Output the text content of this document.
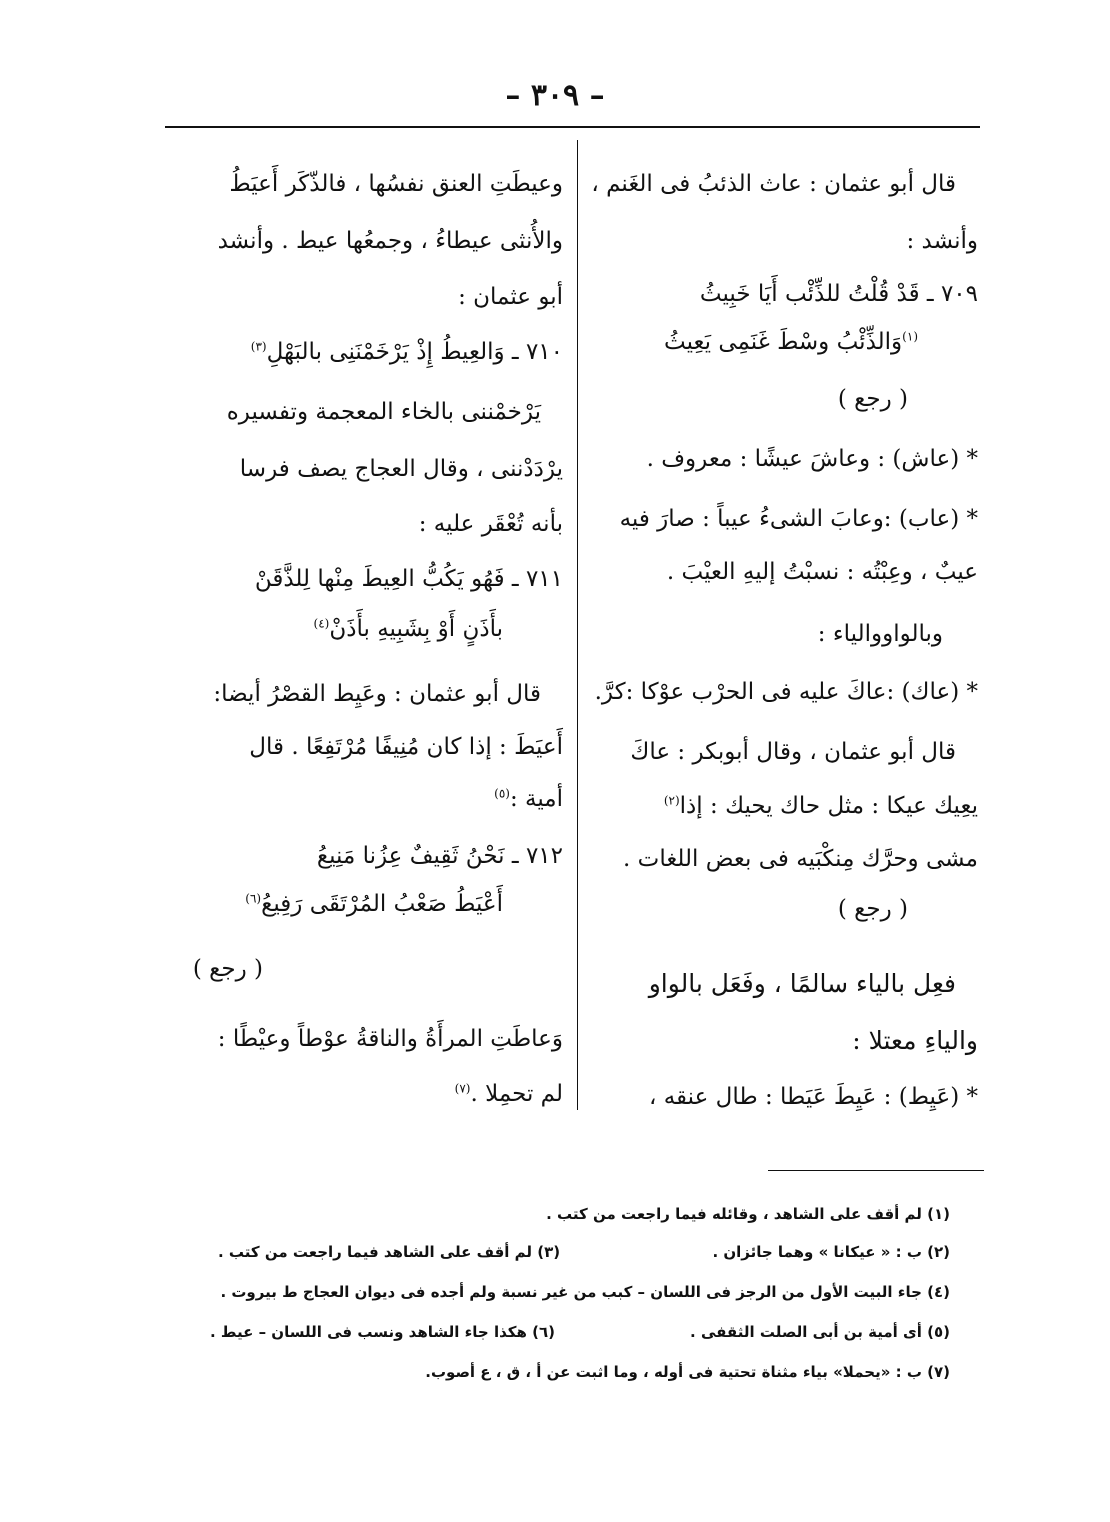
– ٣٠٩ –
قال أبو عثمان : عاث الذئبُ فى الغَنم ،
وأنشد :
٧٠٩ ـ قَدْ قُلْتُ للذِّئْب أَيَا خَبِيثُ
$^{(١)}$وَالذِّئْبُ وسْطَ غَنَمِى يَعِيثُ
( رجع )
* (عاش) : وعاشَ عيشًا : معروف .
* (عاب) :وعابَ الشىءُ عيباً : صارَ فيه
عيبٌ ، وعِبْتُه : نسبْتُ إليهِ العيْبَ .
وبالواووالياء :
* (عاك) :عاكَ عليه فى الحرْب عوْكا :كرَّ.
قال أبو عثمان ، وقال أبوبكر : عاكَ
يعِيك عيكا : مثل حاك يحيك : إذا$^{(٢)}$
مشى وحرَّك مِنكْبَيه فى بعض اللغات .
( رجع )
فعِل بالياء سالمًا ، وفَعَل بالواو
والياءِ معتلا :
* (عَيِط) : عَيِطَ عَيَطا : طال عنقه ،
وعيطَتِ العنق نفسُها ، فالذّكَر أَعيَطُ
والأُنثى عيطاءُ ، وجمعُها عيط . وأنشد
أبو عثمان :
٧١٠ ـ وَالعِيطُ إِذْ يَرْخَمْنَنِى بالبَهْلِ$^{(٣)}$
يَرْخمْننى بالخاء المعجمة وتفسيره
يرْدَدْننى ، وقال العجاج يصف فرسا
بأنه تُعْقَر عليه :
٧١١ ـ فَهُو يَكُبُّ العِيطَ مِنْها لِلذَّقَنْ
بأَذَنٍ أَوْ بِشَبِيهِ بأَذَنْ$^{(٤)}$
قال أبو عثمان : وعَيِط القصْرُ أيضا:
أَعيَطَ : إذا كان مُنِيفًا مُرْتَفِعًا . قال
أمية :$^{(٥)}$
٧١٢ ـ نَحْنُ ثَقِيفٌ عِزُنا مَنِيعُ
أَعْيَطُ صَعْبُ المُرْتَقَى رَفِيعُ$^{(٦)}$
( رجع )
وَعاطَتِ المرأَةُ والناقةُ عوْطاً وعيْطًا :
لم تحمِلا .$^{(٧)}$
(١) لم أقف على الشاهد ، وقائله فيما راجعت من كتب .
(٢) ب : « عيكانا » وهما جائزان .
(٣) لم أقف على الشاهد فيما راجعت من كتب .
(٤) جاء البيت الأول من الرجز فى اللسان – كبب من غير نسبة ولم أجده فى ديوان العجاج ط بيروت .
(٥) أى أمية بن أبى الصلت الثقفى .
(٦) هكذا جاء الشاهد ونسب فى اللسان – عيط .
(٧) ب : «يحملا» بياء مثناة تحتية فى أوله ، وما اثبت عن أ ، ق ، ع أصوب.
